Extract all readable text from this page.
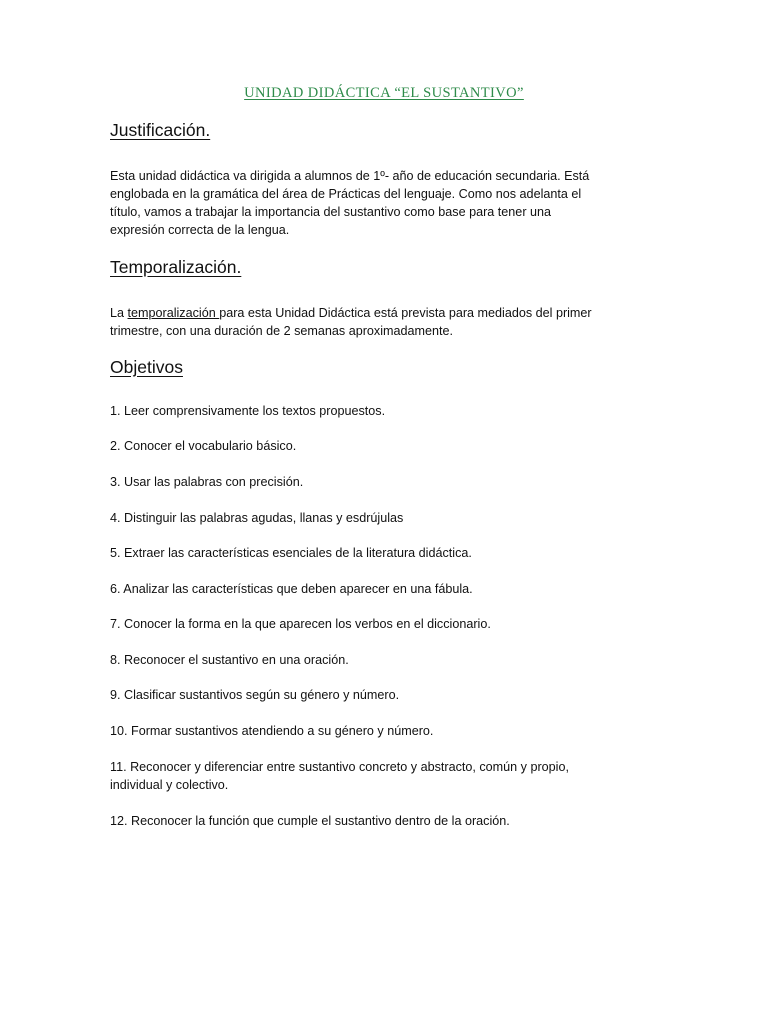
UNIDAD DIDÁCTICA “EL SUSTANTIVO”
Justificación.

Esta unidad didáctica va dirigida a alumnos de 1º- año de educación secundaria. Está
englobada en la gramática del área de Prácticas del lenguaje. Como nos adelanta el
título, vamos a trabajar la importancia del sustantivo como base para tener una
expresión correcta de la lengua.

Temporalización.

La temporalización para esta Unidad Didáctica está prevista para mediados del primer
trimestre, con una duración de 2 semanas aproximadamente.

Objetivos

1. Leer comprensivamente los textos propuestos.

2. Conocer el vocabulario básico.

3. Usar las palabras con precisión.

4. Distinguir las palabras agudas, llanas y esdrújulas

5. Extraer las características esenciales de la literatura didáctica.

6. Analizar las características que deben aparecer en una fábula.

7. Conocer la forma en la que aparecen los verbos en el diccionario.

8. Reconocer el sustantivo en una oración.

9. Clasificar sustantivos según su género y número.

10. Formar sustantivos atendiendo a su género y número.

11. Reconocer y diferenciar entre sustantivo concreto y abstracto, común y propio,
individual y colectivo.

12. Reconocer la función que cumple el sustantivo dentro de la oración.
